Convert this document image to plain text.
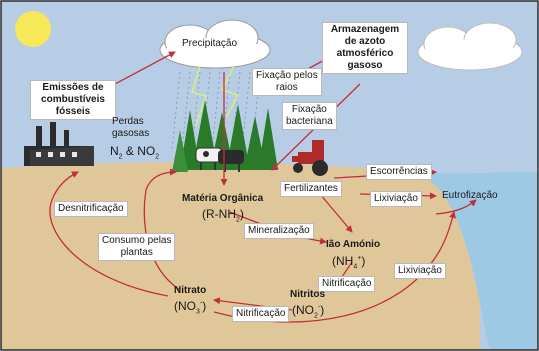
Precipitação
Armazenagem
de azoto
atmosférico
gasoso
Emissões de
combustíveis
fósseis
Fixação pelos
raios
Fixação
bacteriana
Perdas
gasosas
$N_2$ & $NO_2$
Escorrências
Fertilizantes
Lixiviação	Eutrofização
Desnitrificação
Matéria Orgânica
$(R-NH_2)$
Mineralização
Ião Amónio
$(NH_4^+)$
Consumo pelas
plantas
Nitrificação
Lixiviação
Nitritos
$(NO_2^-)$
Nitrato
$(NO_3^-)$
Nitrificação
